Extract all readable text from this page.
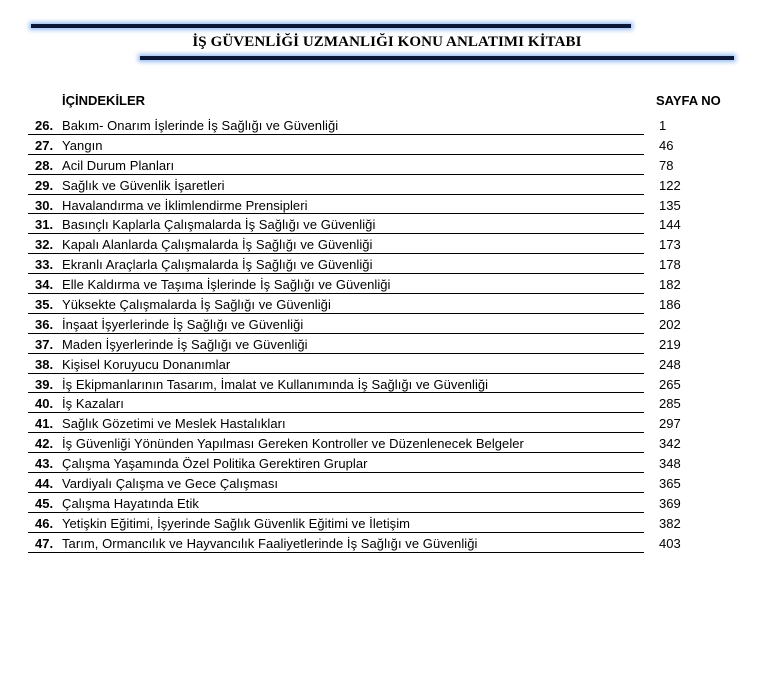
İŞ GÜVENLİĞİ UZMANLIĞI KONU ANLATIMI KİTABI
İÇİNDEKİLER	SAYFA NO
26. Bakım- Onarım İşlerinde İş Sağlığı ve Güvenliği	1
27. Yangın	46
28. Acil Durum Planları	78
29. Sağlık ve Güvenlik İşaretleri	122
30. Havalandırma ve İklimlendirme Prensipleri	135
31. Basınçlı Kaplarla Çalışmalarda İş Sağlığı ve Güvenliği	144
32. Kapalı Alanlarda Çalışmalarda İş Sağlığı ve Güvenliği	173
33. Ekranlı Araçlarla Çalışmalarda İş Sağlığı ve Güvenliği	178
34. Elle Kaldırma ve Taşıma İşlerinde İş Sağlığı ve Güvenliği	182
35. Yüksekte Çalışmalarda İş Sağlığı ve Güvenliği	186
36. İnşaat İşyerlerinde İş Sağlığı ve Güvenliği	202
37. Maden İşyerlerinde İş Sağlığı ve Güvenliği	219
38. Kişisel Koruyucu Donanımlar	248
39. İş Ekipmanlarının Tasarım, İmalat ve Kullanımında İş Sağlığı ve Güvenliği	265
40. İş Kazaları	285
41. Sağlık Gözetimi ve Meslek Hastalıkları	297
42. İş Güvenliği Yönünden Yapılması Gereken Kontroller ve Düzenlenecek Belgeler	342
43. Çalışma Yaşamında Özel Politika Gerektiren Gruplar	348
44. Vardiyalı Çalışma ve Gece Çalışması	365
45. Çalışma Hayatında Etik	369
46. Yetişkin Eğitimi, İşyerinde Sağlık Güvenlik Eğitimi ve İletişim	382
47. Tarım, Ormancılık ve Hayvancılık Faaliyetlerinde İş Sağlığı ve Güvenliği	403
